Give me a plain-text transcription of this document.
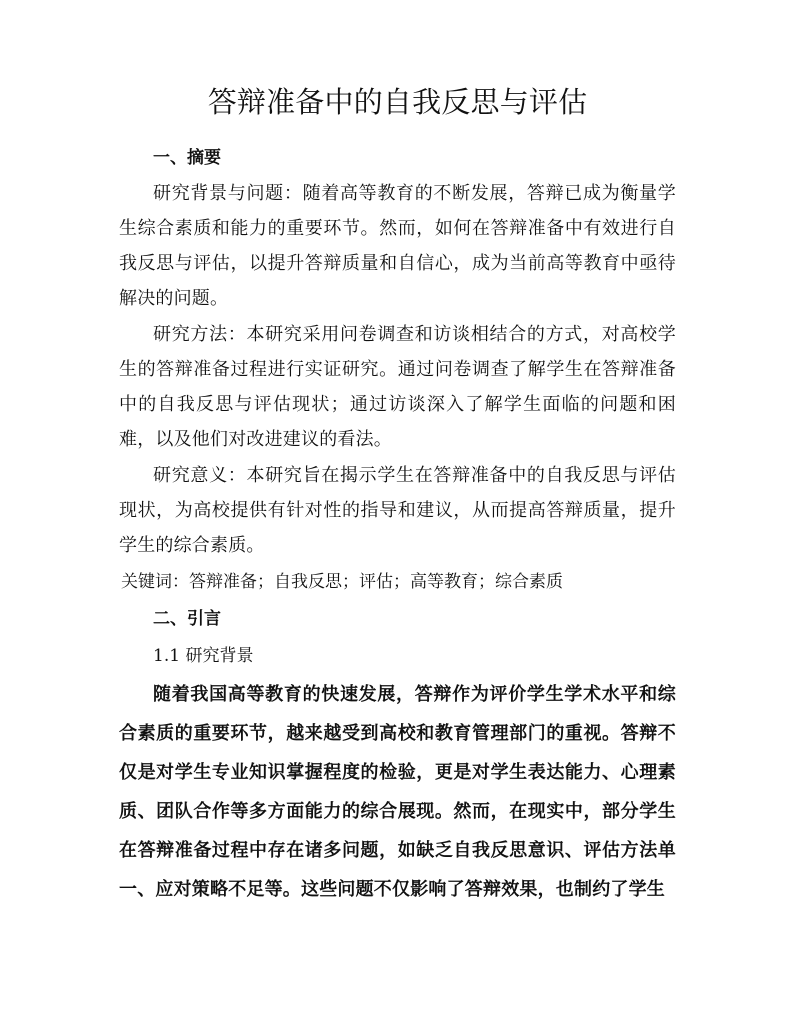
答辩准备中的自我反思与评估
一、摘要

研究背景与问题：随着高等教育的不断发展，答辩已成为衡量学生综合素质和能力的重要环节。然而，如何在答辩准备中有效进行自我反思与评估，以提升答辩质量和自信心，成为当前高等教育中亟待解决的问题。

研究方法：本研究采用问卷调查和访谈相结合的方式，对高校学生的答辩准备过程进行实证研究。通过问卷调查了解学生在答辩准备中的自我反思与评估现状；通过访谈深入了解学生面临的问题和困难，以及他们对改进建议的看法。

研究意义：本研究旨在揭示学生在答辩准备中的自我反思与评估现状，为高校提供有针对性的指导和建议，从而提高答辩质量，提升学生的综合素质。

关键词：答辩准备；自我反思；评估；高等教育；综合素质

二、引言
1.1 研究背景

随着我国高等教育的快速发展，答辩作为评价学生学术水平和综合素质的重要环节，越来越受到高校和教育管理部门的重视。答辩不仅是对学生专业知识掌握程度的检验，更是对学生表达能力、心理素质、团队合作等多方面能力的综合展现。然而，在现实中，部分学生在答辩准备过程中存在诸多问题，如缺乏自我反思意识、评估方法单一、应对策略不足等。这些问题不仅影响了答辩效果，也制约了学生
